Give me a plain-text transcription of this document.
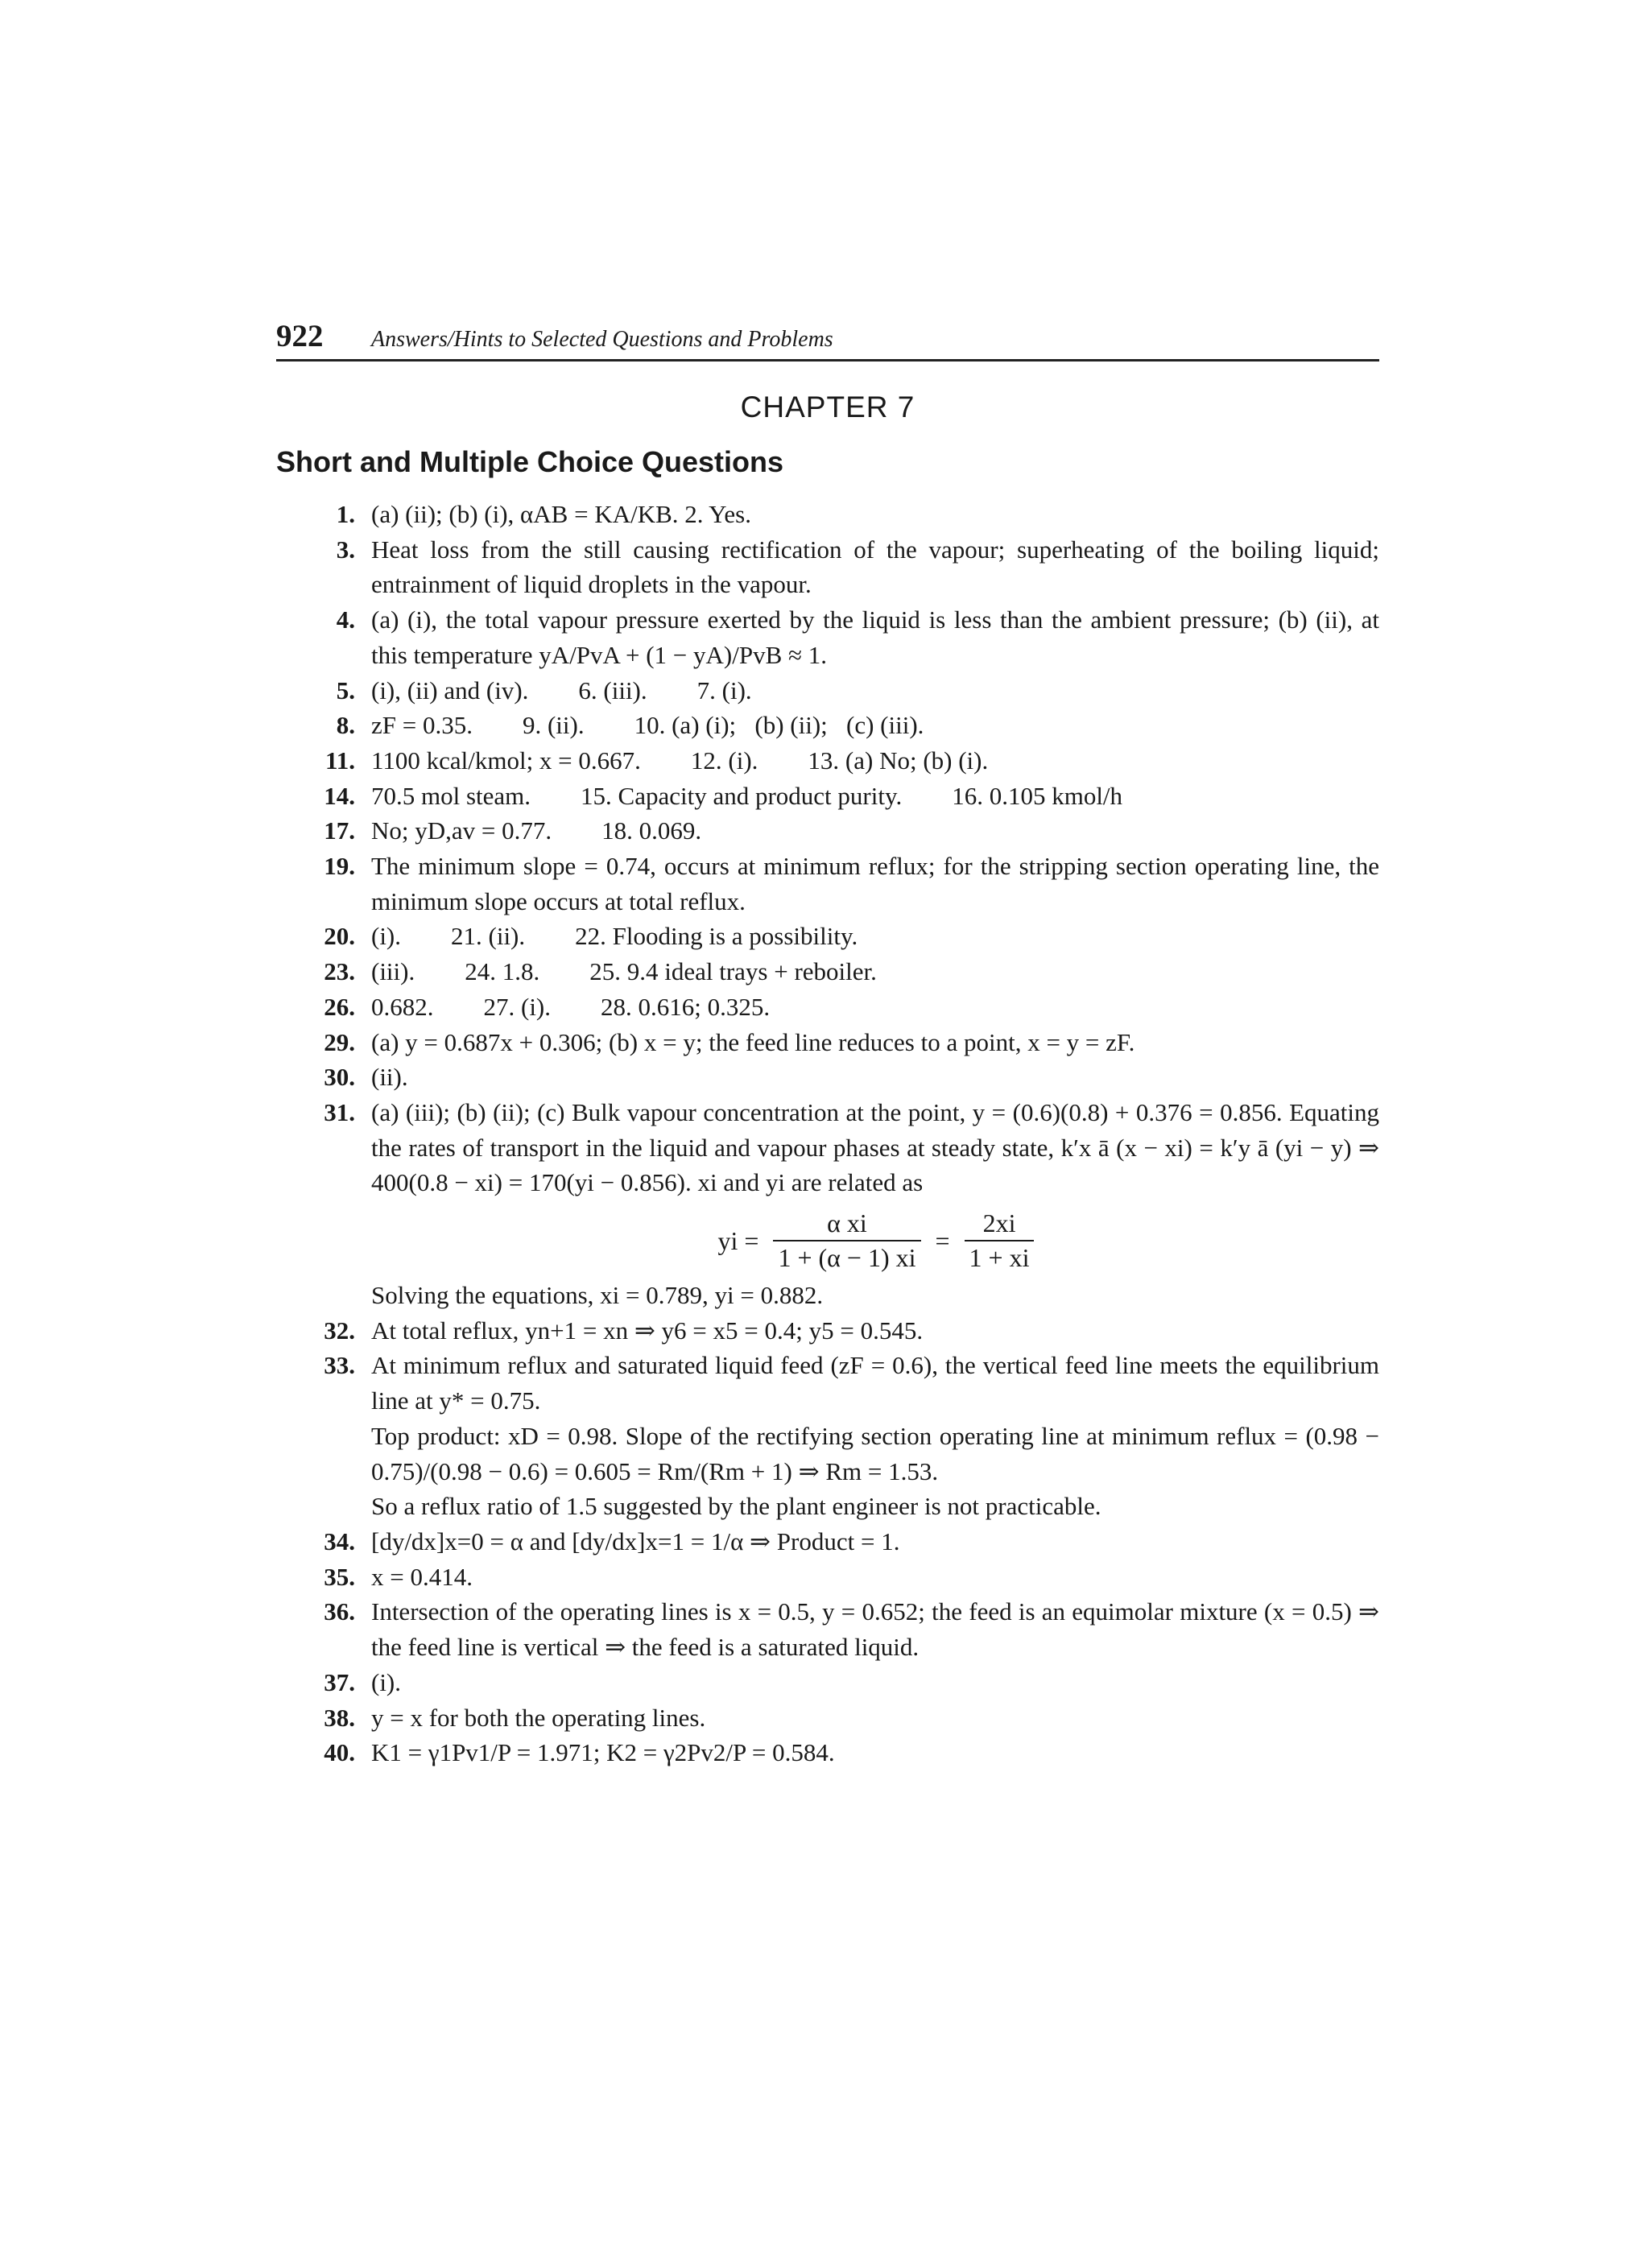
922	Answers/Hints to Selected Questions and Problems
CHAPTER 7
Short and Multiple Choice Questions
1. (a) (ii); (b) (i), αAB = KA/KB. 2. Yes.
3. Heat loss from the still causing rectification of the vapour; superheating of the boiling liquid; entrainment of liquid droplets in the vapour.
4. (a) (i), the total vapour pressure exerted by the liquid is less than the ambient pressure; (b) (ii), at this temperature yA/PvA + (1 − yA)/PvB ≈ 1.
5. (i), (ii) and (iv).        6. (iii).        7. (i).
8. zF = 0.35.        9. (ii).        10. (a) (i);   (b) (ii);   (c) (iii).
11. 1100 kcal/kmol; x = 0.667.        12. (i).        13. (a) No; (b) (i).
14. 70.5 mol steam.        15. Capacity and product purity.        16. 0.105 kmol/h
17. No; yD,av = 0.77.        18. 0.069.
19. The minimum slope = 0.74, occurs at minimum reflux; for the stripping section operating line, the minimum slope occurs at total reflux.
20. (i).        21. (ii).        22. Flooding is a possibility.
23. (iii).        24. 1.8.        25. 9.4 ideal trays + reboiler.
26. 0.682.        27. (i).        28. 0.616; 0.325.
29. (a) y = 0.687x + 0.306; (b) x = y; the feed line reduces to a point, x = y = zF.
30. (ii).
31. (a) (iii); (b) (ii); (c) Bulk vapour concentration at the point, y = (0.6)(0.8) + 0.376 = 0.856. Equating the rates of transport in the liquid and vapour phases at steady state, k′x ā (x − xi) = k′y ā (yi − y) ⇒ 400(0.8 − xi) = 170(yi − 0.856). xi and yi are related as
yi = $\frac{\text{α xi}}{1 + (\alpha - 1) xi} = \frac{2xi}{1 + xi}$
Solving the equations, xi = 0.789, yi = 0.882.
32. At total reflux, yn+1 = xn ⇒ y6 = x5 = 0.4; y5 = 0.545.
33. At minimum reflux and saturated liquid feed (zF = 0.6), the vertical feed line meets the equilibrium line at y* = 0.75.
Top product: xD = 0.98. Slope of the rectifying section operating line at minimum reflux = (0.98 − 0.75)/(0.98 − 0.6) = 0.605 = Rm/(Rm + 1) ⇒ Rm = 1.53.
So a reflux ratio of 1.5 suggested by the plant engineer is not practicable.
34. [dy/dx]x=0 = α and [dy/dx]x=1 = 1/α ⇒ Product = 1.
35. x = 0.414.
36. Intersection of the operating lines is x = 0.5, y = 0.652; the feed is an equimolar mixture (x = 0.5) ⇒ the feed line is vertical ⇒ the feed is a saturated liquid.
37. (i).
38. y = x for both the operating lines.
40. K1 = γ1Pv1/P = 1.971; K2 = γ2Pv2/P = 0.584.
